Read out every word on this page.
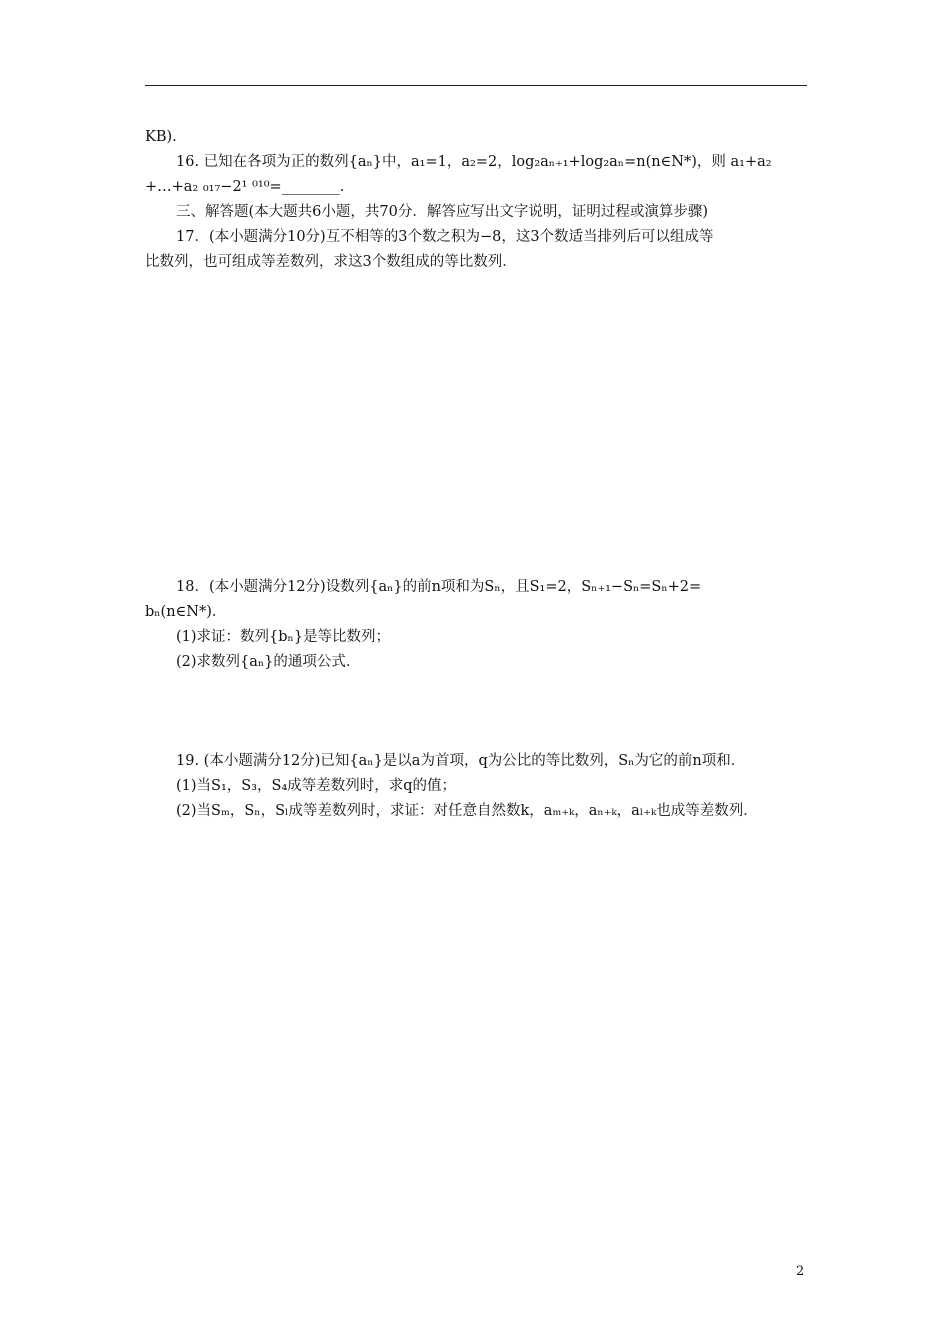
KB).
16. 已知在各项为正的数列{aₙ}中，a₁=1，a₂=2，log₂aₙ₊₁+log₂aₙ=n(n∈N*)，则 a₁+a₂
+…+a₂ ₀₁₇−2¹ ⁰¹⁰=________.
三、解答题(本大题共6小题，共70分．解答应写出文字说明，证明过程或演算步骤)
17．(本小题满分10分)互不相等的3个数之积为−8，这3个数适当排列后可以组成等
比数列，也可组成等差数列，求这3个数组成的等比数列．
18．(本小题满分12分)设数列{aₙ}的前n项和为Sₙ，且S₁=2，Sₙ₊₁−Sₙ=Sₙ+2=
bₙ(n∈N*)．
(1)求证：数列{bₙ}是等比数列；
(2)求数列{aₙ}的通项公式．
19. (本小题满分12分)已知{aₙ}是以a为首项，q为公比的等比数列，Sₙ为它的前n项和．
(1)当S₁，S₃，S₄成等差数列时，求q的值；
(2)当Sₘ，Sₙ，Sₗ成等差数列时，求证：对任意自然数k，aₘ₊ₖ，aₙ₊ₖ，aₗ₊ₖ也成等差数列．
2
